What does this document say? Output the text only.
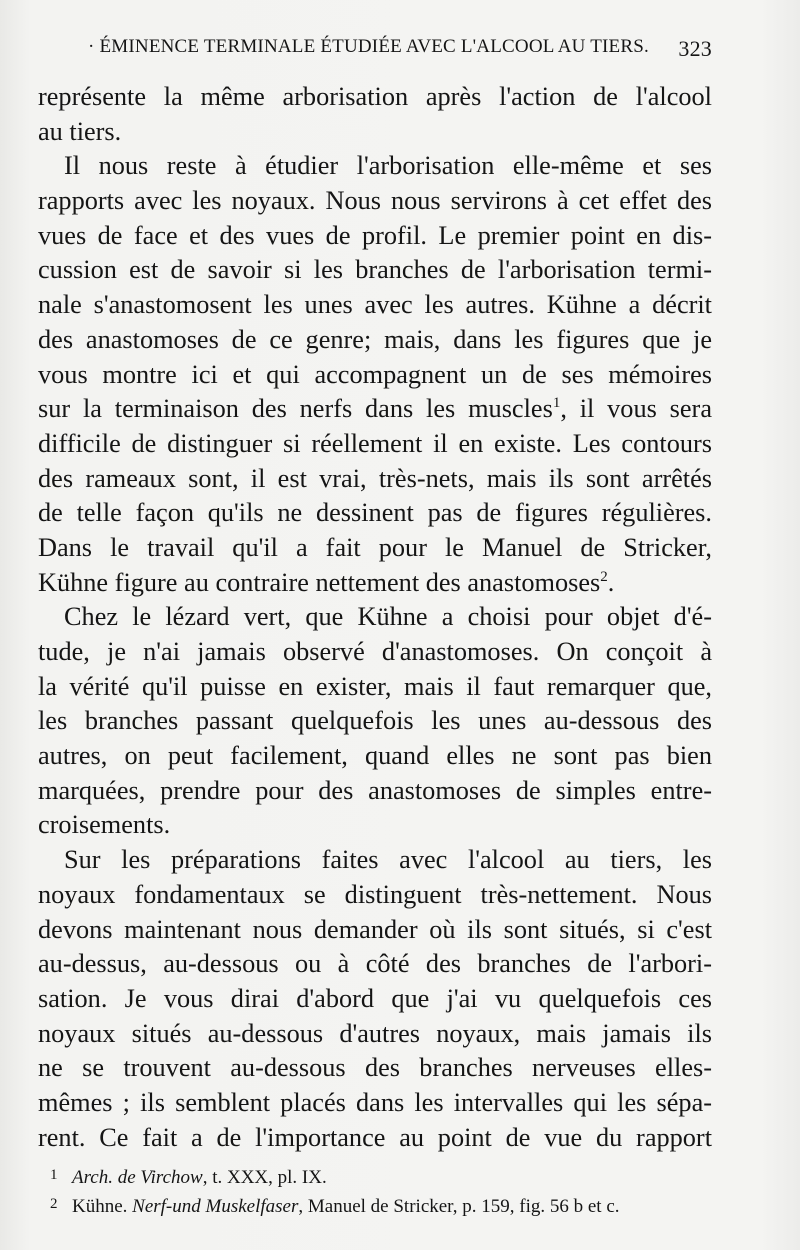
· ÉMINENCE TERMINALE ÉTUDIÉE AVEC L'ALCOOL AU TIERS. 323
représente la même arborisation après l'action de l'alcool
au tiers.
Il nous reste à étudier l'arborisation elle-même et ses
rapports avec les noyaux. Nous nous servirons à cet effet des
vues de face et des vues de profil. Le premier point en dis-
cussion est de savoir si les branches de l'arborisation termi-
nale s'anastomosent les unes avec les autres. Kühne a décrit
des anastomoses de ce genre; mais, dans les figures que je
vous montre ici et qui accompagnent un de ses mémoires
sur la terminaison des nerfs dans les muscles$^1$, il vous sera
difficile de distinguer si réellement il en existe. Les contours
des rameaux sont, il est vrai, très-nets, mais ils sont arrêtés
de telle façon qu'ils ne dessinent pas de figures régulières.
Dans le travail qu'il a fait pour le Manuel de Stricker,
Kühne figure au contraire nettement des anastomoses$^2$.
Chez le lézard vert, que Kühne a choisi pour objet d'é-
tude, je n'ai jamais observé d'anastomoses. On conçoit à
la vérité qu'il puisse en exister, mais il faut remarquer que,
les branches passant quelquefois les unes au-dessous des
autres, on peut facilement, quand elles ne sont pas bien
marquées, prendre pour des anastomoses de simples entre-
croisements.
Sur les préparations faites avec l'alcool au tiers, les
noyaux fondamentaux se distinguent très-nettement. Nous
devons maintenant nous demander où ils sont situés, si c'est
au-dessus, au-dessous ou à côté des branches de l'arbori-
sation. Je vous dirai d'abord que j'ai vu quelquefois ces
noyaux situés au-dessous d'autres noyaux, mais jamais ils
ne se trouvent au-dessous des branches nerveuses elles-
mêmes ; ils semblent placés dans les intervalles qui les sépa-
rent. Ce fait a de l'importance au point de vue du rapport
1 Arch. de Virchow, t. XXX, pl. IX.
2 Kühne. Nerf-und Muskelfaser, Manuel de Stricker, p. 159, fig. 56 b et c.
